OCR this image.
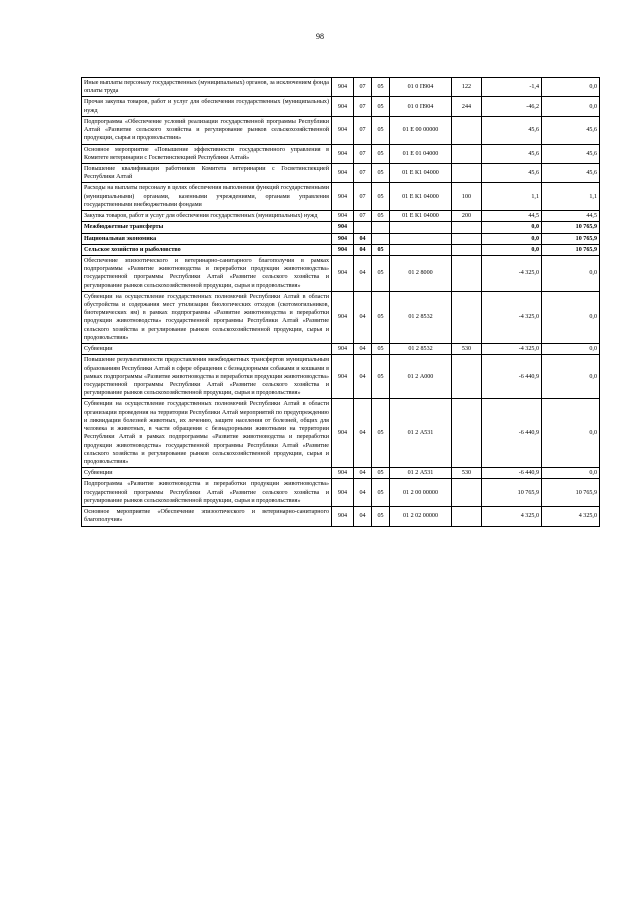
98
Иные выплаты персоналу государственных (муниципальных) органов, за исключением фонда оплаты труда	904	07	05	01 0 П904	122	-1,4	0,0
Прочая закупка товаров, работ и услуг для обеспечения государственных (муниципальных) нужд	904	07	05	01 0 П904	244	-46,2	0,0
Подпрограмма «Обеспечение условий реализации государственной программы Республики Алтай «Развитие сельского хозяйства и регулирование рынков сельскохозяйственной продукции, сырья и продовольствия»	904	07	05	01 Е 00 00000		45,6	45,6
Основное мероприятие «Повышение эффективности государственного управления в Комитете ветеринарии с Госветинспекцией Республики Алтай»	904	07	05	01 Е 01 04000		45,6	45,6
Повышение квалификации работников Комитета ветеринарии с Госветинспекцией Республики Алтай	904	07	05	01 Е К1 04000		45,6	45,6
Расходы на выплаты персоналу в целях обеспечения выполнения функций государственными (муниципальными) органами, казенными учреждениями, органами управления государственными внебюджетными фондами	904	07	05	01 Е К1 04000	100	1,1	1,1
Закупка товаров, работ и услуг для обеспечения государственных (муниципальных) нужд	904	07	05	01 Е К1 04000	200	44,5	44,5
Межбюджетные трансферты	904					0,0	10 765,9
Национальная экономика	904	04				0,0	10 765,9
Сельское хозяйство и рыболовство	904	04	05			0,0	10 765,9
Обеспечение эпизоотического и ветеринарно-санитарного благополучия в рамках подпрограммы «Развитие животноводства и переработки продукции животноводства» государственной программы Республики Алтай «Развитие сельского хозяйства и регулирование рынков сельскохозяйственной продукции, сырья и продовольствия»	904	04	05	01 2 8000		-4 325,0	0,0
Субвенции на осуществление государственных полномочий Республики Алтай в области обустройства и содержания мест утилизации биологических отходов (скотомогильников, биотермических ям) в рамках подпрограммы «Развитие животноводства и переработки продукции животноводства» государственной программы Республики Алтай «Развитие сельского хозяйства и регулирование рынков сельскохозяйственной продукции, сырья и продовольствия»	904	04	05	01 2 8532		-4 325,0	0,0
Субвенции	904	04	05	01 2 8532	530	-4 325,0	0,0
Повышение результативности предоставления межбюджетных трансфертов муниципальным образованиям Республики Алтай в сфере обращения с безнадзорными собаками и кошками в рамках подпрограммы «Развитие животноводства и переработки продукции животноводства» государственной программы Республики Алтай «Развитие сельского хозяйства и регулирование рынков сельскохозяйственной продукции, сырья и продовольствия»	904	04	05	01 2 А000		-6 440,9	0,0
Субвенции на осуществление государственных полномочий Республики Алтай в области организации проведения на территории Республики Алтай мероприятий по предупреждению и ликвидации болезней животных, их лечению, защите населения от болезней, общих для человека и животных, в части обращения с безнадзорными животными на территории Республики Алтай в рамках подпрограммы «Развитие животноводства и переработки продукции животноводства» государственной программы Республики Алтай «Развитие сельского хозяйства и регулирование рынков сельскохозяйственной продукции, сырья и продовольствия»	904	04	05	01 2 А531		-6 440,9	0,0
Субвенции	904	04	05	01 2 А531	530	-6 440,9	0,0
Подпрограмма «Развитие животноводства и переработки продукции животноводства» государственной программы Республики Алтай «Развитие сельского хозяйства и регулирование рынков сельскохозяйственной продукции, сырья и продовольствия»	904	04	05	01 2 00 00000		10 765,9	10 765,9
Основное мероприятие «Обеспечение эпизоотического и ветеринарно-санитарного благополучия»	904	04	05	01 2 02 00000		4 325,0	4 325,0
